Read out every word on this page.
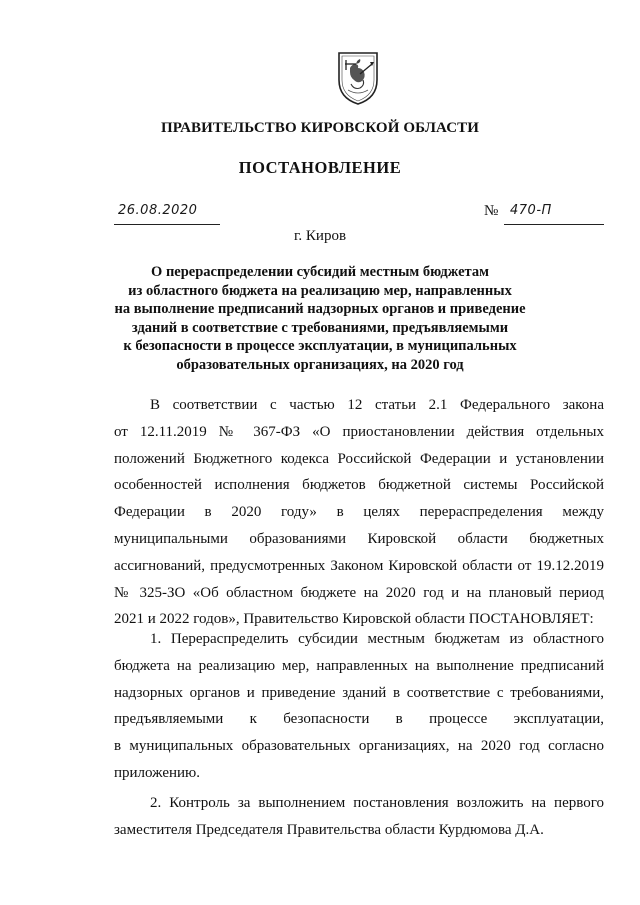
ПРАВИТЕЛЬСТВО КИРОВСКОЙ ОБЛАСТИ
ПОСТАНОВЛЕНИЕ
26.08.2020	№ 470-П
г. Киров
О перераспределении субсидий местным бюджетам
из областного бюджета на реализацию мер, направленных
на выполнение предписаний надзорных органов и приведение
зданий в соответствие с требованиями, предъявляемыми
к безопасности в процессе эксплуатации, в муниципальных
образовательных организациях, на 2020 год
В соответствии с частью 12 статьи 2.1 Федерального закона
от 12.11.2019 № 367-ФЗ «О приостановлении действия отдельных
положений Бюджетного кодекса Российской Федерации и установлении
особенностей исполнения бюджетов бюджетной системы Российской
Федерации в 2020 году» в целях перераспределения между
муниципальными образованиями Кировской области бюджетных
ассигнований, предусмотренных Законом Кировской области от 19.12.2019
№ 325-ЗО «Об областном бюджете на 2020 год и на плановый период
2021 и 2022 годов», Правительство Кировской области ПОСТАНОВЛЯЕТ:
1. Перераспределить субсидии местным бюджетам из областного
бюджета на реализацию мер, направленных на выполнение предписаний
надзорных органов и приведение зданий в соответствие с требованиями,
предъявляемыми к безопасности в процессе эксплуатации,
в муниципальных образовательных организациях, на 2020 год согласно
приложению.
2. Контроль за выполнением постановления возложить на первого
заместителя Председателя Правительства области Курдюмова Д.А.
